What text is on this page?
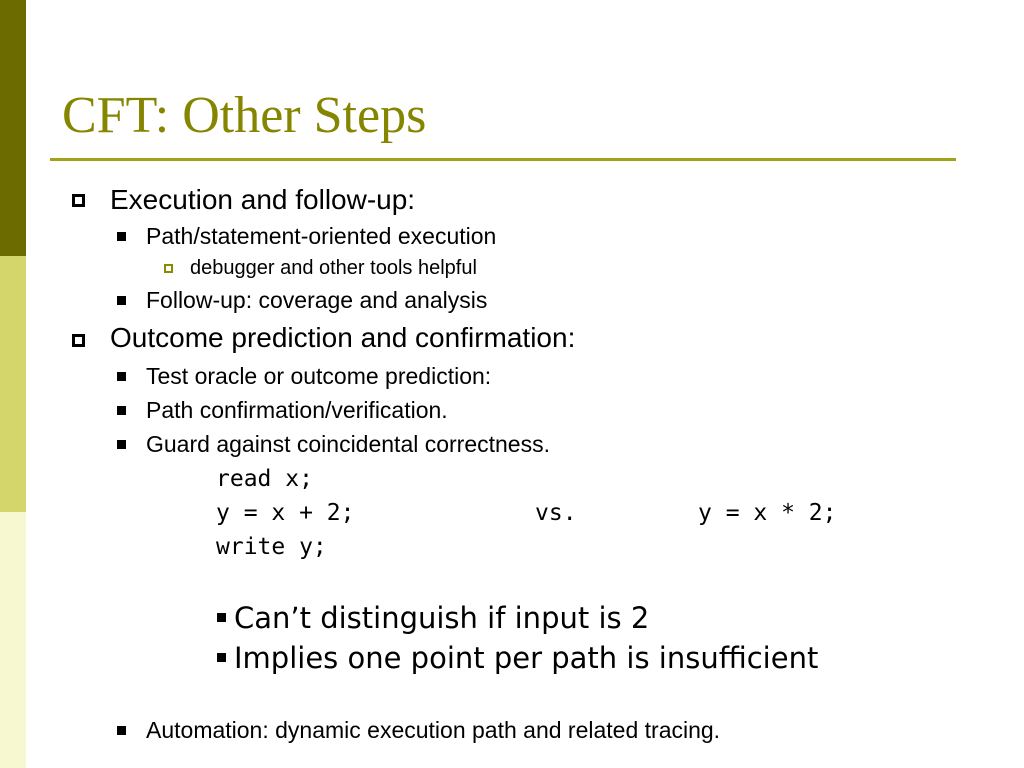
CFT: Other Steps
Execution and follow-up:
Path/statement-oriented execution
debugger and other tools helpful
Follow-up: coverage and analysis
Outcome prediction and confirmation:
Test oracle or outcome prediction:
Path confirmation/verification.
Guard against coincidental correctness.
read x;
y = x + 2;	vs.	y = x * 2;
write y;
Can’t distinguish if input is 2
Implies one point per path is insufficient
Automation: dynamic execution path and related tracing.
